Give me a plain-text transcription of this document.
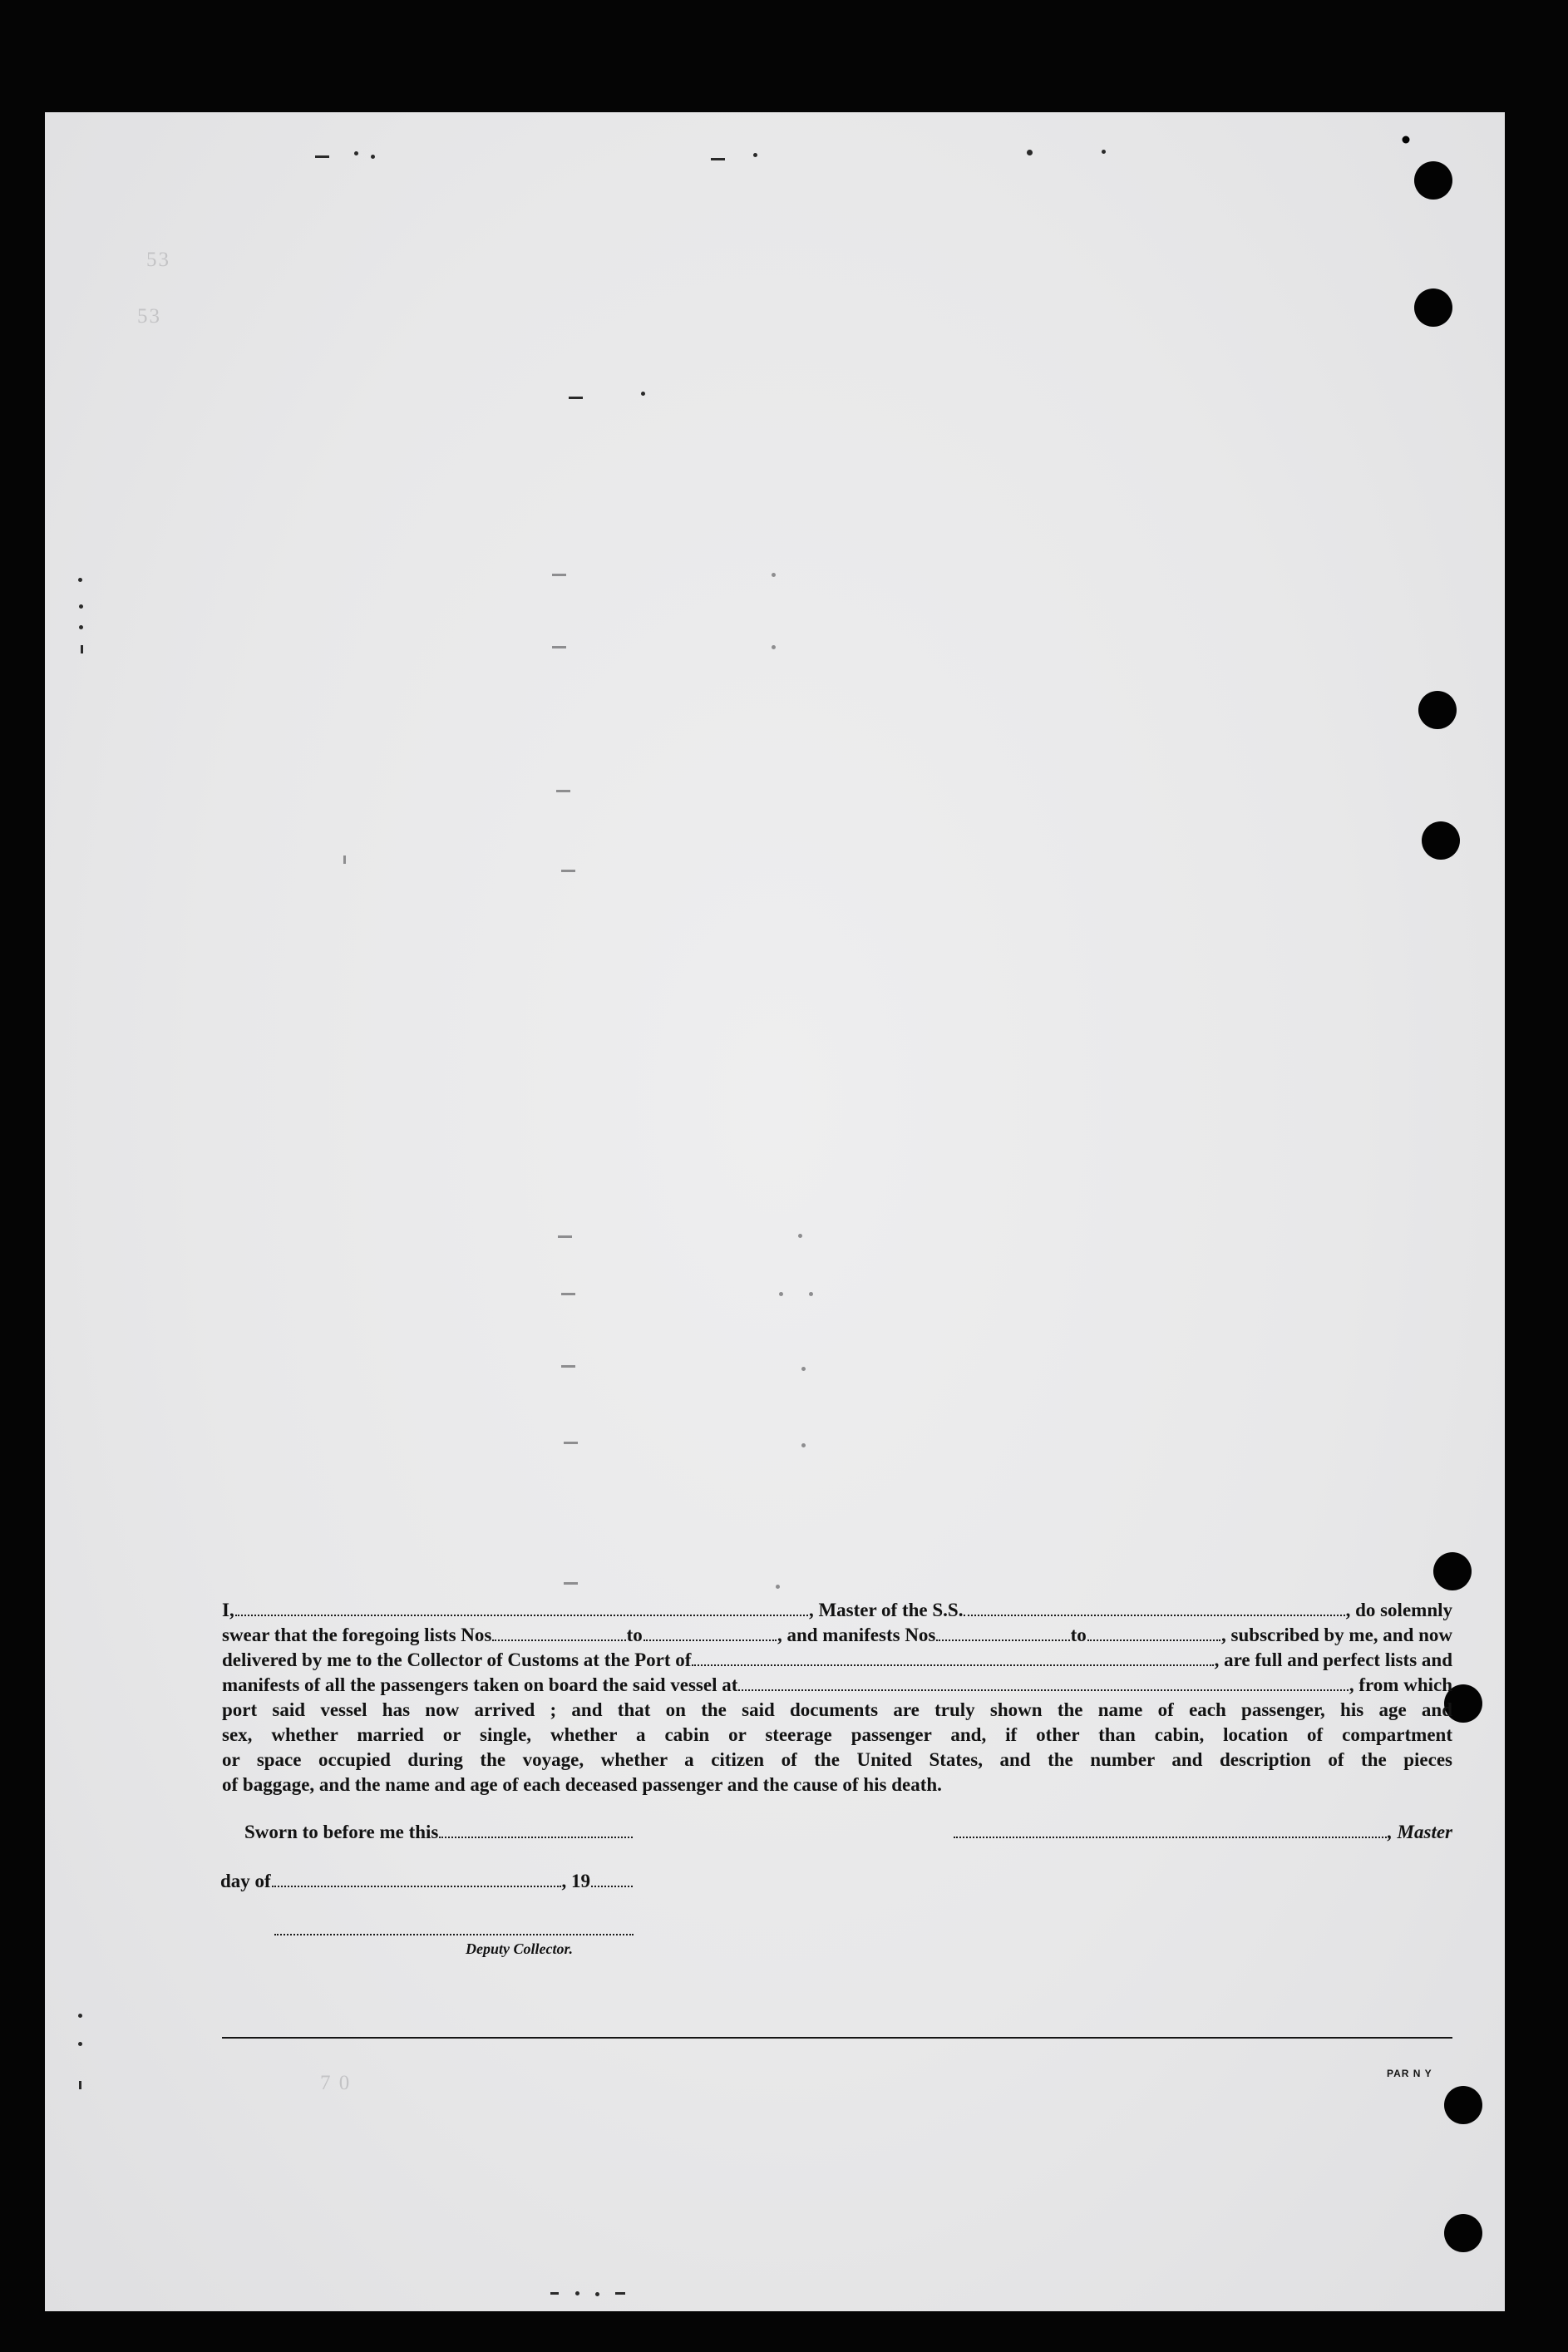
53
53
7 0
I,	, Master of the S.S.	, do solemnly
swear that the foregoing lists Nos	to	, and manifests Nos	to	, subscribed by me, and now
delivered by me to the Collector of Customs at the Port of	, are full and perfect lists and
manifests of all the passengers taken on board the said vessel at	, from which
port said vessel has now arrived ; and that on the said documents are truly shown the name of each passenger, his age and
sex, whether married or single, whether a cabin or steerage passenger and, if other than cabin, location of compartment
or space occupied during the voyage, whether a citizen of the United States, and the number and description of the pieces
of baggage, and the name and age of each deceased passenger and the cause of his death.
Sworn to before me this	, Master
day of	, 19
Deputy Collector.
PAR N Y
